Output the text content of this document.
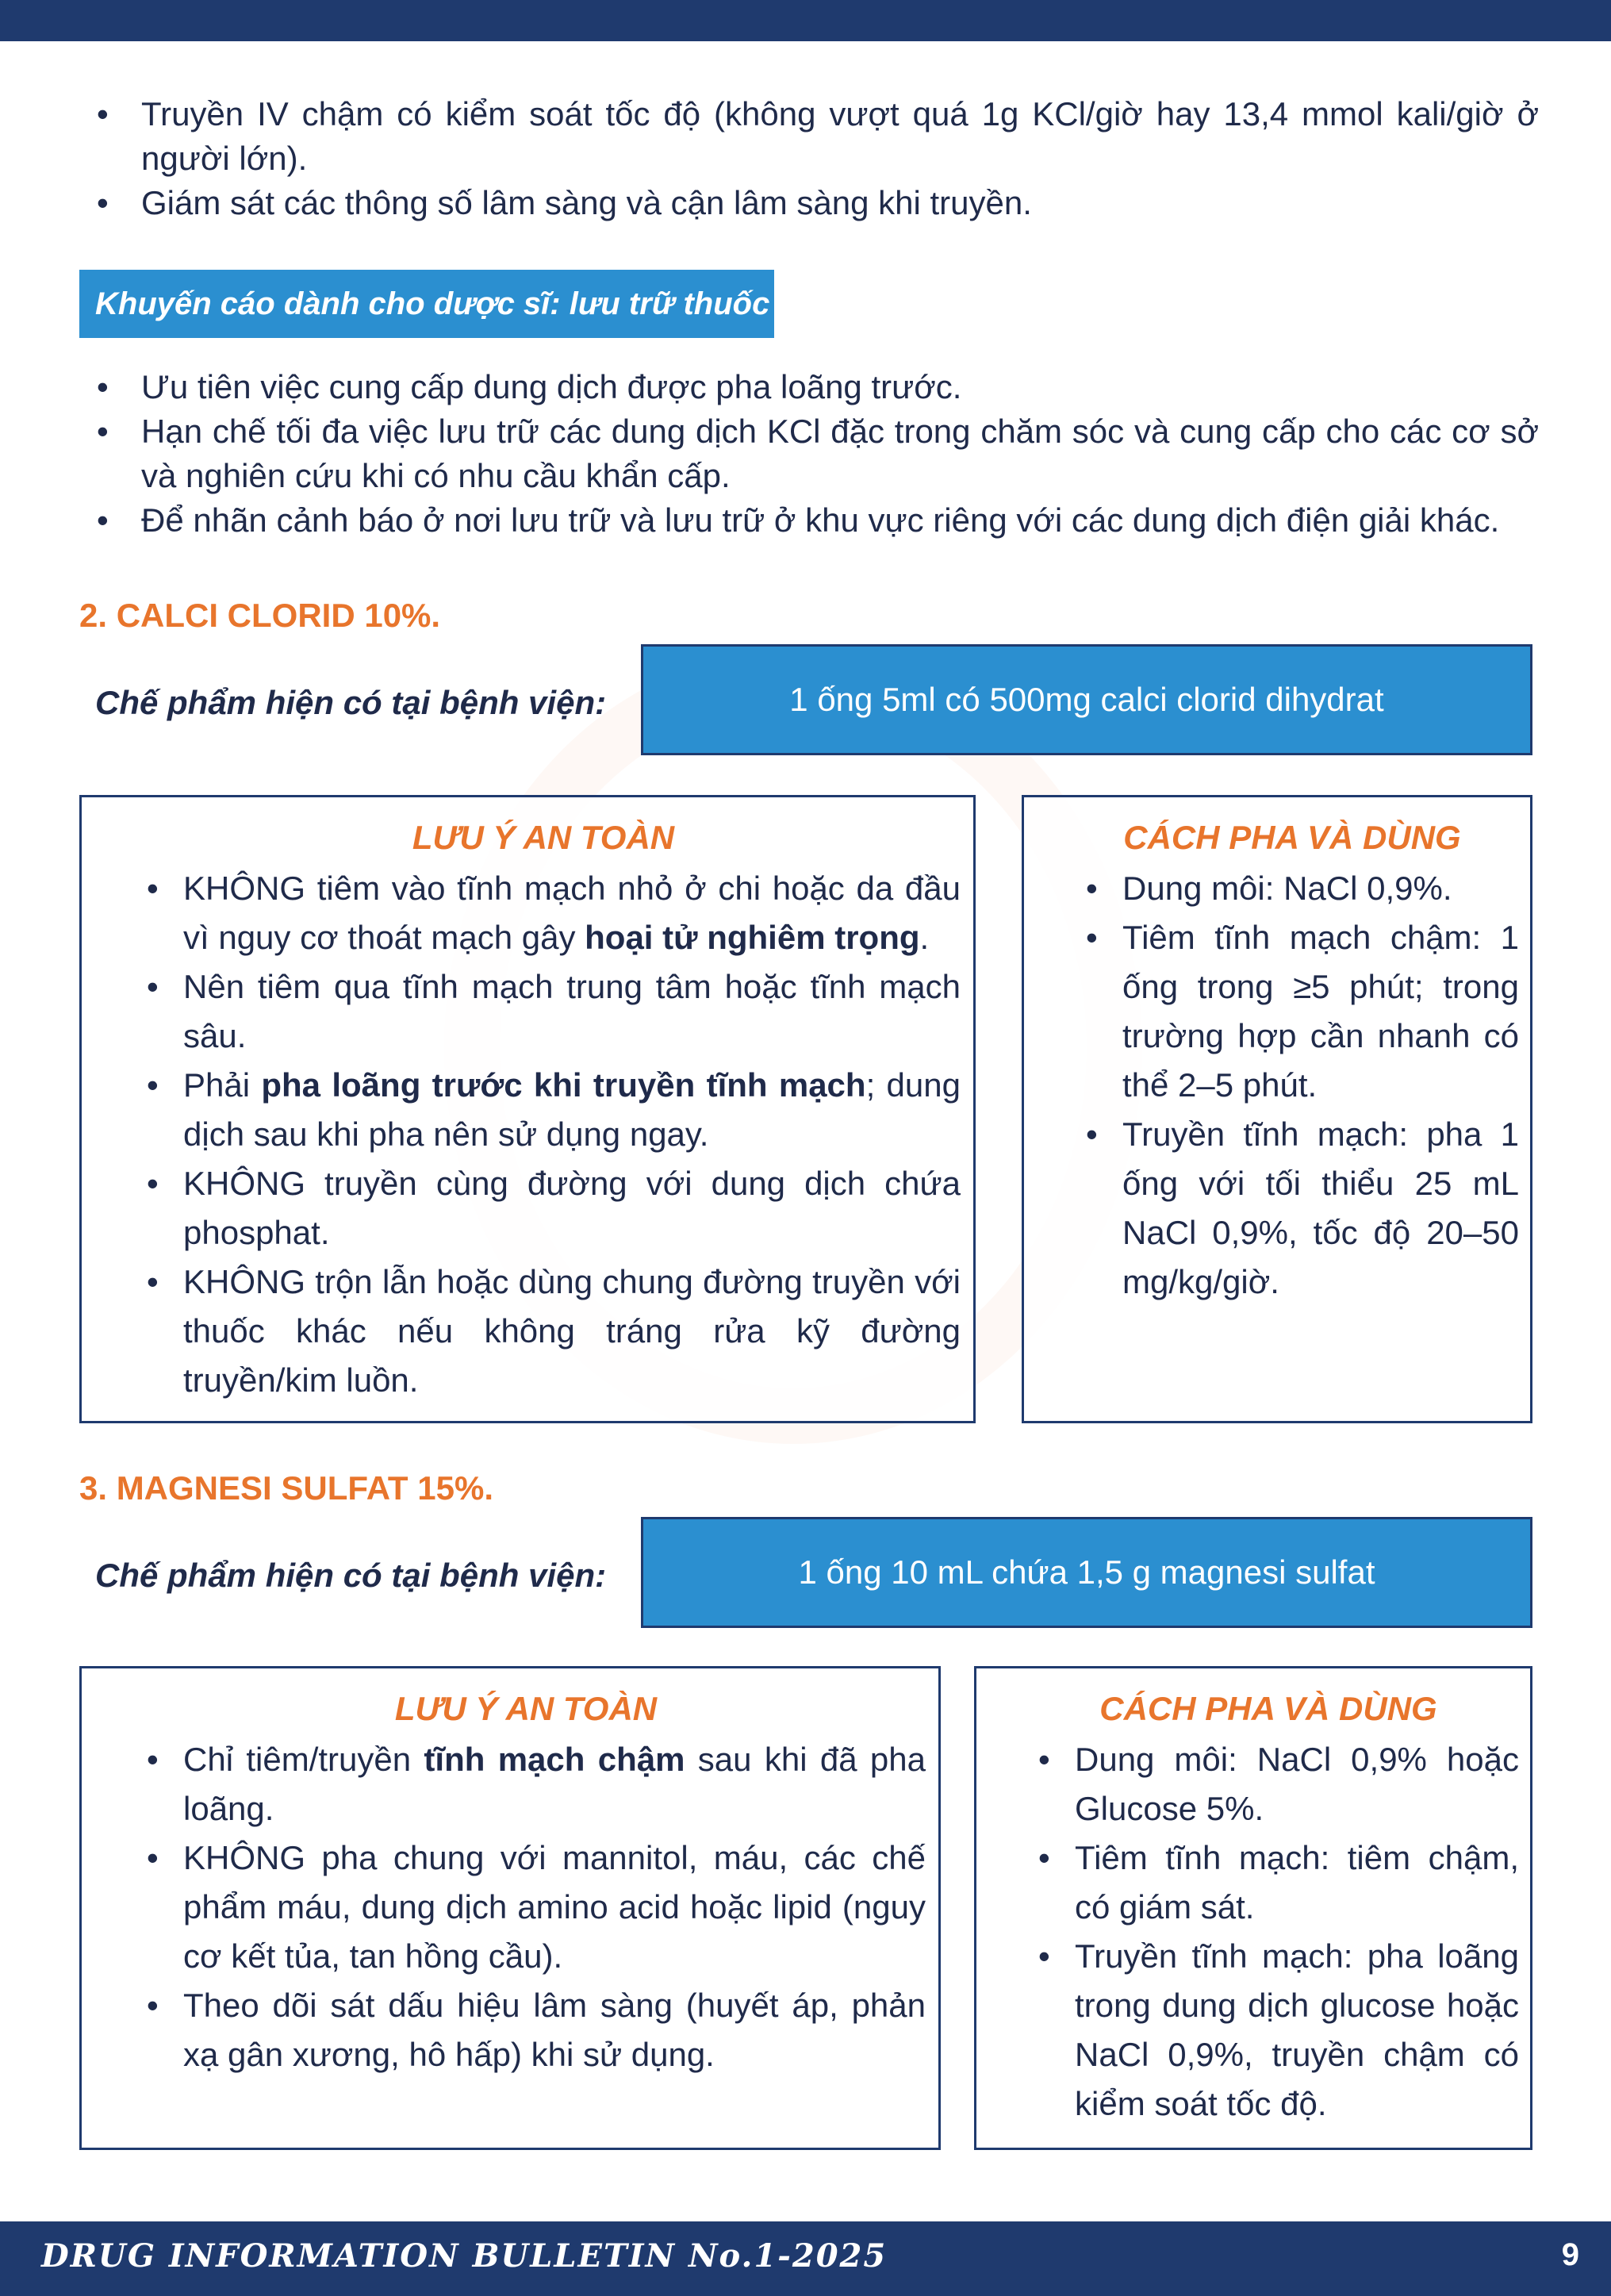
• Truyền IV chậm có kiểm soát tốc độ (không vượt quá 1g KCl/giờ hay 13,4 mmol kali/giờ ở người lớn).
• Giám sát các thông số lâm sàng và cận lâm sàng khi truyền.
Khuyến cáo dành cho dược sĩ: lưu trữ thuốc
• Ưu tiên việc cung cấp dung dịch được pha loãng trước.
• Hạn chế tối đa việc lưu trữ các dung dịch KCl đặc trong chăm sóc và cung cấp cho các cơ sở và nghiên cứu khi có nhu cầu khẩn cấp.
• Để nhãn cảnh báo ở nơi lưu trữ và lưu trữ ở khu vực riêng với các dung dịch điện giải khác.
2. CALCI CLORID 10%.
Chế phẩm hiện có tại bệnh viện:	1 ống 5ml có 500mg calci clorid dihydrat
LƯU Ý AN TOÀN
• KHÔNG tiêm vào tĩnh mạch nhỏ ở chi hoặc da đầu vì nguy cơ thoát mạch gây hoại tử nghiêm trọng.
• Nên tiêm qua tĩnh mạch trung tâm hoặc tĩnh mạch sâu.
• Phải pha loãng trước khi truyền tĩnh mạch; dung dịch sau khi pha nên sử dụng ngay.
• KHÔNG truyền cùng đường với dung dịch chứa phosphat.
• KHÔNG trộn lẫn hoặc dùng chung đường truyền với thuốc khác nếu không tráng rửa kỹ đường truyền/kim luồn.
CÁCH PHA VÀ DÙNG
• Dung môi: NaCl 0,9%.
• Tiêm tĩnh mạch chậm: 1 ống trong ≥5 phút; trong trường hợp cần nhanh có thể 2–5 phút.
• Truyền tĩnh mạch: pha 1 ống với tối thiểu 25 mL NaCl 0,9%, tốc độ 20–50 mg/kg/giờ.
3. MAGNESI SULFAT 15%.
Chế phẩm hiện có tại bệnh viện:	1 ống 10 mL chứa 1,5 g magnesi sulfat
LƯU Ý AN TOÀN
• Chỉ tiêm/truyền tĩnh mạch chậm sau khi đã pha loãng.
• KHÔNG pha chung với mannitol, máu, các chế phẩm máu, dung dịch amino acid hoặc lipid (nguy cơ kết tủa, tan hồng cầu).
• Theo dõi sát dấu hiệu lâm sàng (huyết áp, phản xạ gân xương, hô hấp) khi sử dụng.
CÁCH PHA VÀ DÙNG
• Dung môi: NaCl 0,9% hoặc Glucose 5%.
• Tiêm tĩnh mạch: tiêm chậm, có giám sát.
• Truyền tĩnh mạch: pha loãng trong dung dịch glucose hoặc NaCl 0,9%, truyền chậm có kiểm soát tốc độ.
DRUG INFORMATION BULLETIN No.1-2025	9
